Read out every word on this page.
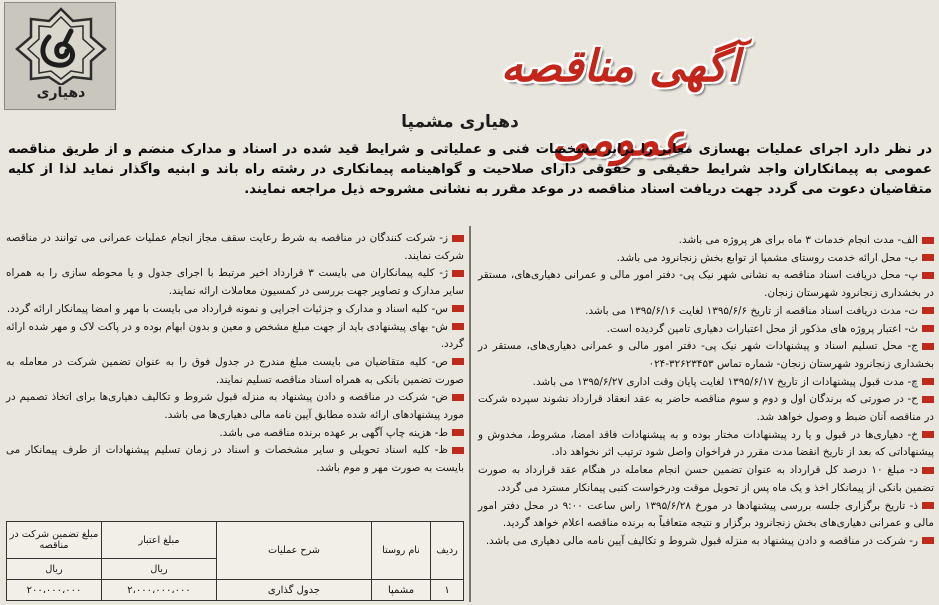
دهیاری
آگهی مناقصه عمومی
دهیاری مشمپا

در نظر دارد اجرای عملیات بهسازی معابر را برابر مشخصات فنی و عملیاتی و شرایط قید شده در اسناد و مدارک منضم و از طریق مناقصه عمومی به پیمانکاران واجد شرایط حقیقی و حقوقی دارای صلاحیت و گواهینامه پیمانکاری در رشته راه باند و ابنیه واگذار نماید لذا از کلیه متقاضیان دعوت می گردد جهت دریافت اسناد مناقصه در موعد مقرر به نشانی مشروحه ذیل مراجعه نمایند.

الف- مدت انجام خدمات ۳ ماه برای هر پروژه می باشد.

ب- محل ارائه خدمت روستای مشمپا از توابع بخش زنجانرود می باشد.

پ- محل دریافت اسناد مناقصه به نشانی شهر نیک پی- دفتر امور مالی و عمرانی دهیاری‌های، مستقر در بخشداری زنجانرود شهرستان زنجان.

ت- مدت دریافت اسناد مناقصه از تاریخ ۱۳۹۵/۶/۶ لغایت ۱۳۹۵/۶/۱۶ می باشد.

ث- اعتبار پروژه های مذکور از محل اعتبارات دهیاری تامین گردیده است.

ج- محل تسلیم اسناد و پیشنهادات شهر نیک پی- دفتر امور مالی و عمرانی دهیاری‌های، مستقر در بخشداری زنجانرود شهرستان زنجان- شماره تماس ۳۲۶۲۳۴۵۳-۰۲۴

چ- مدت قبول پیشنهادات از تاریخ ۱۳۹۵/۶/۱۷ لغایت پایان وقت اداری ۱۳۹۵/۶/۲۷ می باشد.

ح- در صورتی که برندگان اول و دوم و سوم مناقصه حاضر به عقد انعقاد قرارداد نشوند سپرده شرکت در مناقصه آنان ضبط و وصول خواهد شد.

خ- دهیاری‌ها در قبول و یا رد پیشنهادات مختار بوده و به پیشنهادات فاقد امضا، مشروط، مخدوش و پیشنهاداتی که بعد از تاریخ انقضا مدت مقرر در فراخوان واصل شود ترتیب اثر نخواهد داد.

د- مبلغ ۱۰ درصد کل قرارداد به عنوان تضمین حسن انجام معامله در هنگام عقد قرارداد به صورت تضمین بانکی از پیمانکار اخذ و یک ماه پس از تحویل موقت ودرخواست کتبی پیمانکار مسترد می گردد.

ذ- تاریخ برگزاری جلسه بررسی پیشنهادها در مورخ ۱۳۹۵/۶/۲۸ راس ساعت ۹:۰۰ در محل دفتر امور مالی و عمرانی دهیاری‌های بخش زنجانرود برگزار و نتیجه متعاقباً به برنده مناقصه اعلام خواهد گردید.

ر- شرکت در مناقصه و دادن پیشنهاد به منزله قبول شروط و تکالیف آیین نامه مالی دهیاری می باشد.

ز- شرکت کنندگان در مناقصه به شرط رعایت سقف مجاز انجام عملیات عمرانی می توانند در مناقصه شرکت نمایند.

ژ- کلیه پیمانکاران می بایست ۳ قرارداد اخیر مرتبط با اجرای جدول و یا محوطه سازی را به همراه سایر مدارک و تصاویر جهت بررسی در کمسیون معاملات ارائه نمایند.

س- کلیه اسناد و مدارک و جزئیات اجرایی و نمونه قرارداد می بایست با مهر و امضا پیمانکار ارائه گردد.

ش- بهای پیشنهادی باید از جهت مبلغ مشخص و معین و بدون ابهام بوده و در پاکت لاک و مهر شده ارائه گردد.

ص- کلیه متقاضیان می بایست مبلغ مندرج در جدول فوق را به عنوان تضمین شرکت در معامله به صورت تضمین بانکی به همراه اسناد مناقصه تسلیم نمایند.

ض- شرکت در مناقصه و دادن پیشنهاد به منزله قبول شروط و تکالیف دهیاری‌ها برای اتخاذ تصمیم در مورد پیشنهادهای ارائه شده مطابق آیین نامه مالی دهیاری‌ها می باشد.

ط- هزینه چاپ آگهی بر عهده برنده مناقصه می باشد.

ظ- کلیه اسناد تحویلی و سایر مشخصات و اسناد در زمان تسلیم پیشنهادات از طرف پیمانکار می بایست به صورت مهر و موم باشد.

ردیف	نام روستا	شرح عملیات	مبلغ اعتبار	مبلغ تضمین شرکت در مناقصه
			ریال	ریال
۱	مشمپا	جدول گذاری	۲،۰۰۰،۰۰۰،۰۰۰	۲۰۰،۰۰۰،۰۰۰
